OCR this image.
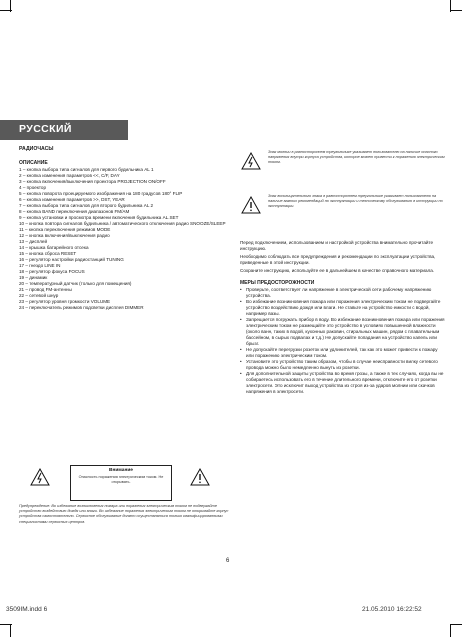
РУССКИЙ
РАДИОЧАСЫ
ОПИСАНИЕ

1 – кнопка выбора типа сигналов для первого будильника AL 1

2 – кнопка изменения параметров <<, C/F, DAY

3 – кнопка включения/выключения проектора PROJECTION ON/OFF

4 – проектор

5 – кнопка поворота проецируемого изображения на 180 градусов 180° FLIP

6 – кнопка изменения параметров >>, DST, YEAR

7 – кнопка выбора типа сигналов для второго будильника AL 2

8 – кнопка BAND переключения диапазонов FM/AM

9 – кнопка установки и просмотра времени включения будильника AL.SET

10 – кнопка повтора сигналов будильника / автоматического отключения радио SNOOZE/SLEEP

11 – кнопка переключения режимов MODE

12 – кнопка включения/выключения радио

13 – дисплей

14 – крышка батарейного отсека

15 – кнопка сброса RESET

16 – регулятор настройки радиостанций TUNING

17 – гнездо LINE IN

18 – регулятор фокуса FOCUS

19 – динамик

20 – температурный датчик (только для помещения)

21 – провод FM-антенны

22 – сетевой шнур

23 – регулятор уровня громкости VOLUME

24 – переключатель режимов подсветки дисплея DIMMER

Внимание
Опасность поражения электрическим током. Не открывать.
Предупреждение: Во избежание возникновения пожара или поражения электрическим током не подвергайте устройство воздействию дождя или влаги. Во избежание поражения электрическим током не открывайте корпус устройства самостоятельно. Сервисное обслуживание должно осуществляться только квалифицированными специалистами сервисных центров.
Знак молнии в равностороннем треугольнике указывает пользователю на наличие опасного напряжения внутри корпуса устройства, которое может привести к поражению электрическим током.
Знак восклицательного знака в равностороннем треугольнике указывает пользователю на наличие важных рекомендаций по эксплуатации и техническому обслуживанию в инструкции по эксплуатации.

Перед подключением, использованием и настройкой устройства внимательно прочитайте инструкцию.

Необходимо соблюдать все предупреждения и рекомендации по эксплуатации устройства, приведенные в этой инструкции.

Сохраните инструкцию, используйте ее в дальнейшем в качестве справочного материала.

МЕРЫ ПРЕДОСТОРОЖНОСТИ

• Проверьте, соответствует ли напряжение в электрической сети рабочему напряжению устройства.

• Во избежание возникновения пожара или поражения электрическим током не подвергайте устройство воздействию дождя или влаги. Не ставьте на устройство емкости с водой, например вазы.

• Запрещается погружать прибор в воду. Во избежание возникновения пожара или поражения электрическим током не размещайте это устройство в условиях повышенной влажности (около ванн, таких в водой, кухонных раковин, стиральных машин, рядом с плавательным бассейном, в сырых подвалах и т.д.) Не допускайте попадания на устройство капель или брызг.

• Не допускайте перегрузки розеток или удлинителей, так как это может привести к пожару или поражению электрическим током.

• Установите это устройство таким образом, чтобы в случае неисправности вилку сетевого провода можно было немедленно вынуть из розетки.

• Для дополнительной защиты устройства во время грозы, а также в тех случаях, когда вы не собираетесь использовать его в течение длительного времени, отключите его от розетки электросети. Это исключит выход устройства из строя из-за ударов молнии или скачков напряжения в электросети.

6
3509IM.indd 6	21.05.2010 16:22:52
